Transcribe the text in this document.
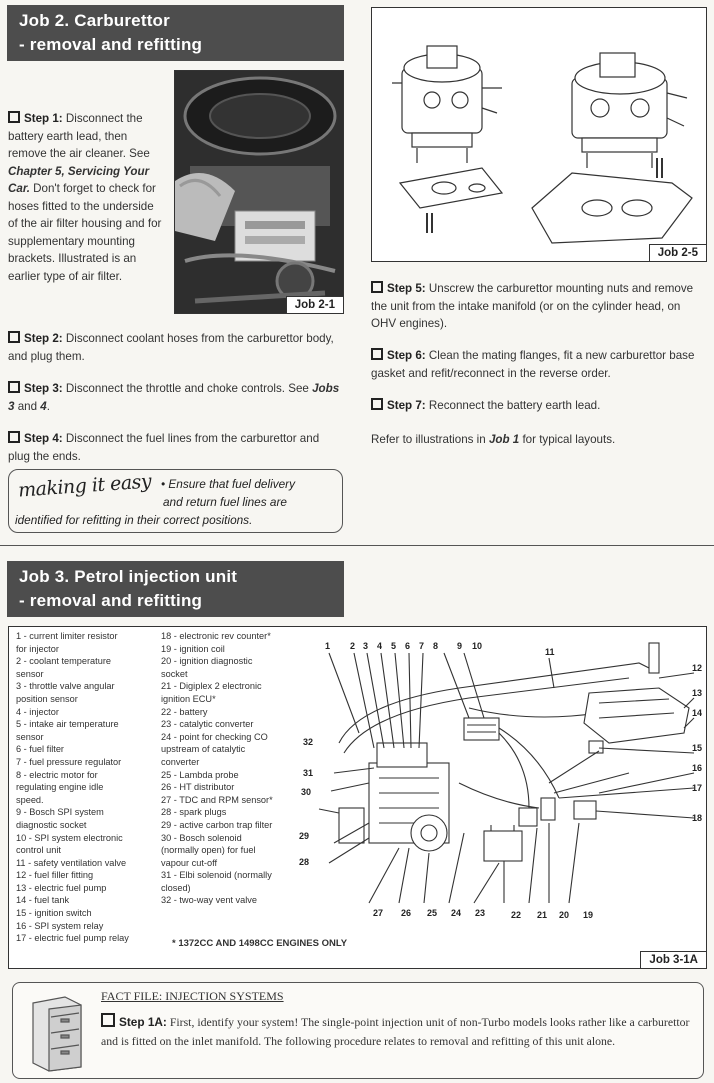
Job 2. Carburettor
- removal and refitting
Job 2-1
Step 1: Disconnect the battery earth lead, then remove the air cleaner. See Chapter 5, Servicing Your Car. Don't forget to check for hoses fitted to the underside of the air filter housing and for supplementary mounting brackets. Illustrated is an earlier type of air filter.
Step 2: Disconnect coolant hoses from the carburettor body, and plug them.
Step 3: Disconnect the throttle and choke controls. See Jobs 3 and 4.
Step 4: Disconnect the fuel lines from the carburettor and plug the ends.
making it easy • Ensure that fuel delivery
and return fuel lines are
identified for refitting in their correct positions.
Job 2-5
Step 5: Unscrew the carburettor mounting nuts and remove the unit from the intake manifold (or on the cylinder head, on OHV engines).
Step 6: Clean the mating flanges, fit a new carburettor base gasket and refit/reconnect in the reverse order.
Step 7: Reconnect the battery earth lead.
Refer to illustrations in Job 1 for typical layouts.
Job 3. Petrol injection unit
- removal and refitting
1 - current limiter resistor
for injector
2 - coolant temperature
sensor
3 - throttle valve angular
position sensor
4 - injector
5 - intake air temperature
sensor
6 - fuel filter
7 - fuel pressure regulator
8 - electric motor for
regulating engine idle
speed.
9 - Bosch SPI system
diagnostic socket
10 - SPI system electronic
control unit
11 - safety ventilation valve
12 - fuel filler fitting
13 - electric fuel pump
14 - fuel tank
15 - ignition switch
16 - SPI system relay
17 - electric fuel pump relay
18 - electronic rev counter*
19 - ignition coil
20 - ignition diagnostic
socket
21 - Digiplex 2 electronic
ignition ECU*
22 - battery
23 - catalytic converter
24 - point for checking CO
upstream of catalytic
converter
25 - Lambda probe
26 - HT distributor
27 - TDC and RPM sensor*
28 - spark plugs
29 - active carbon trap filter
30 - Bosch solenoid
(normally open) for fuel
vapour cut-off
31 - Elbi solenoid (normally
closed)
32 - two-way vent valve
* 1372CC AND 1498CC ENGINES ONLY
1 2 3 4 5 6 7 8 9 10
11
12
13
14
15
16
17
18
19
20
21
22
23
24
25
26
27
28
29
30
31
32
Job 3-1A
FACT FILE: INJECTION SYSTEMS
Step 1A: First, identify your system! The single-point injection unit of non-Turbo models looks rather like a carburettor and is fitted on the inlet manifold. The following procedure relates to removal and refitting of this unit alone.
